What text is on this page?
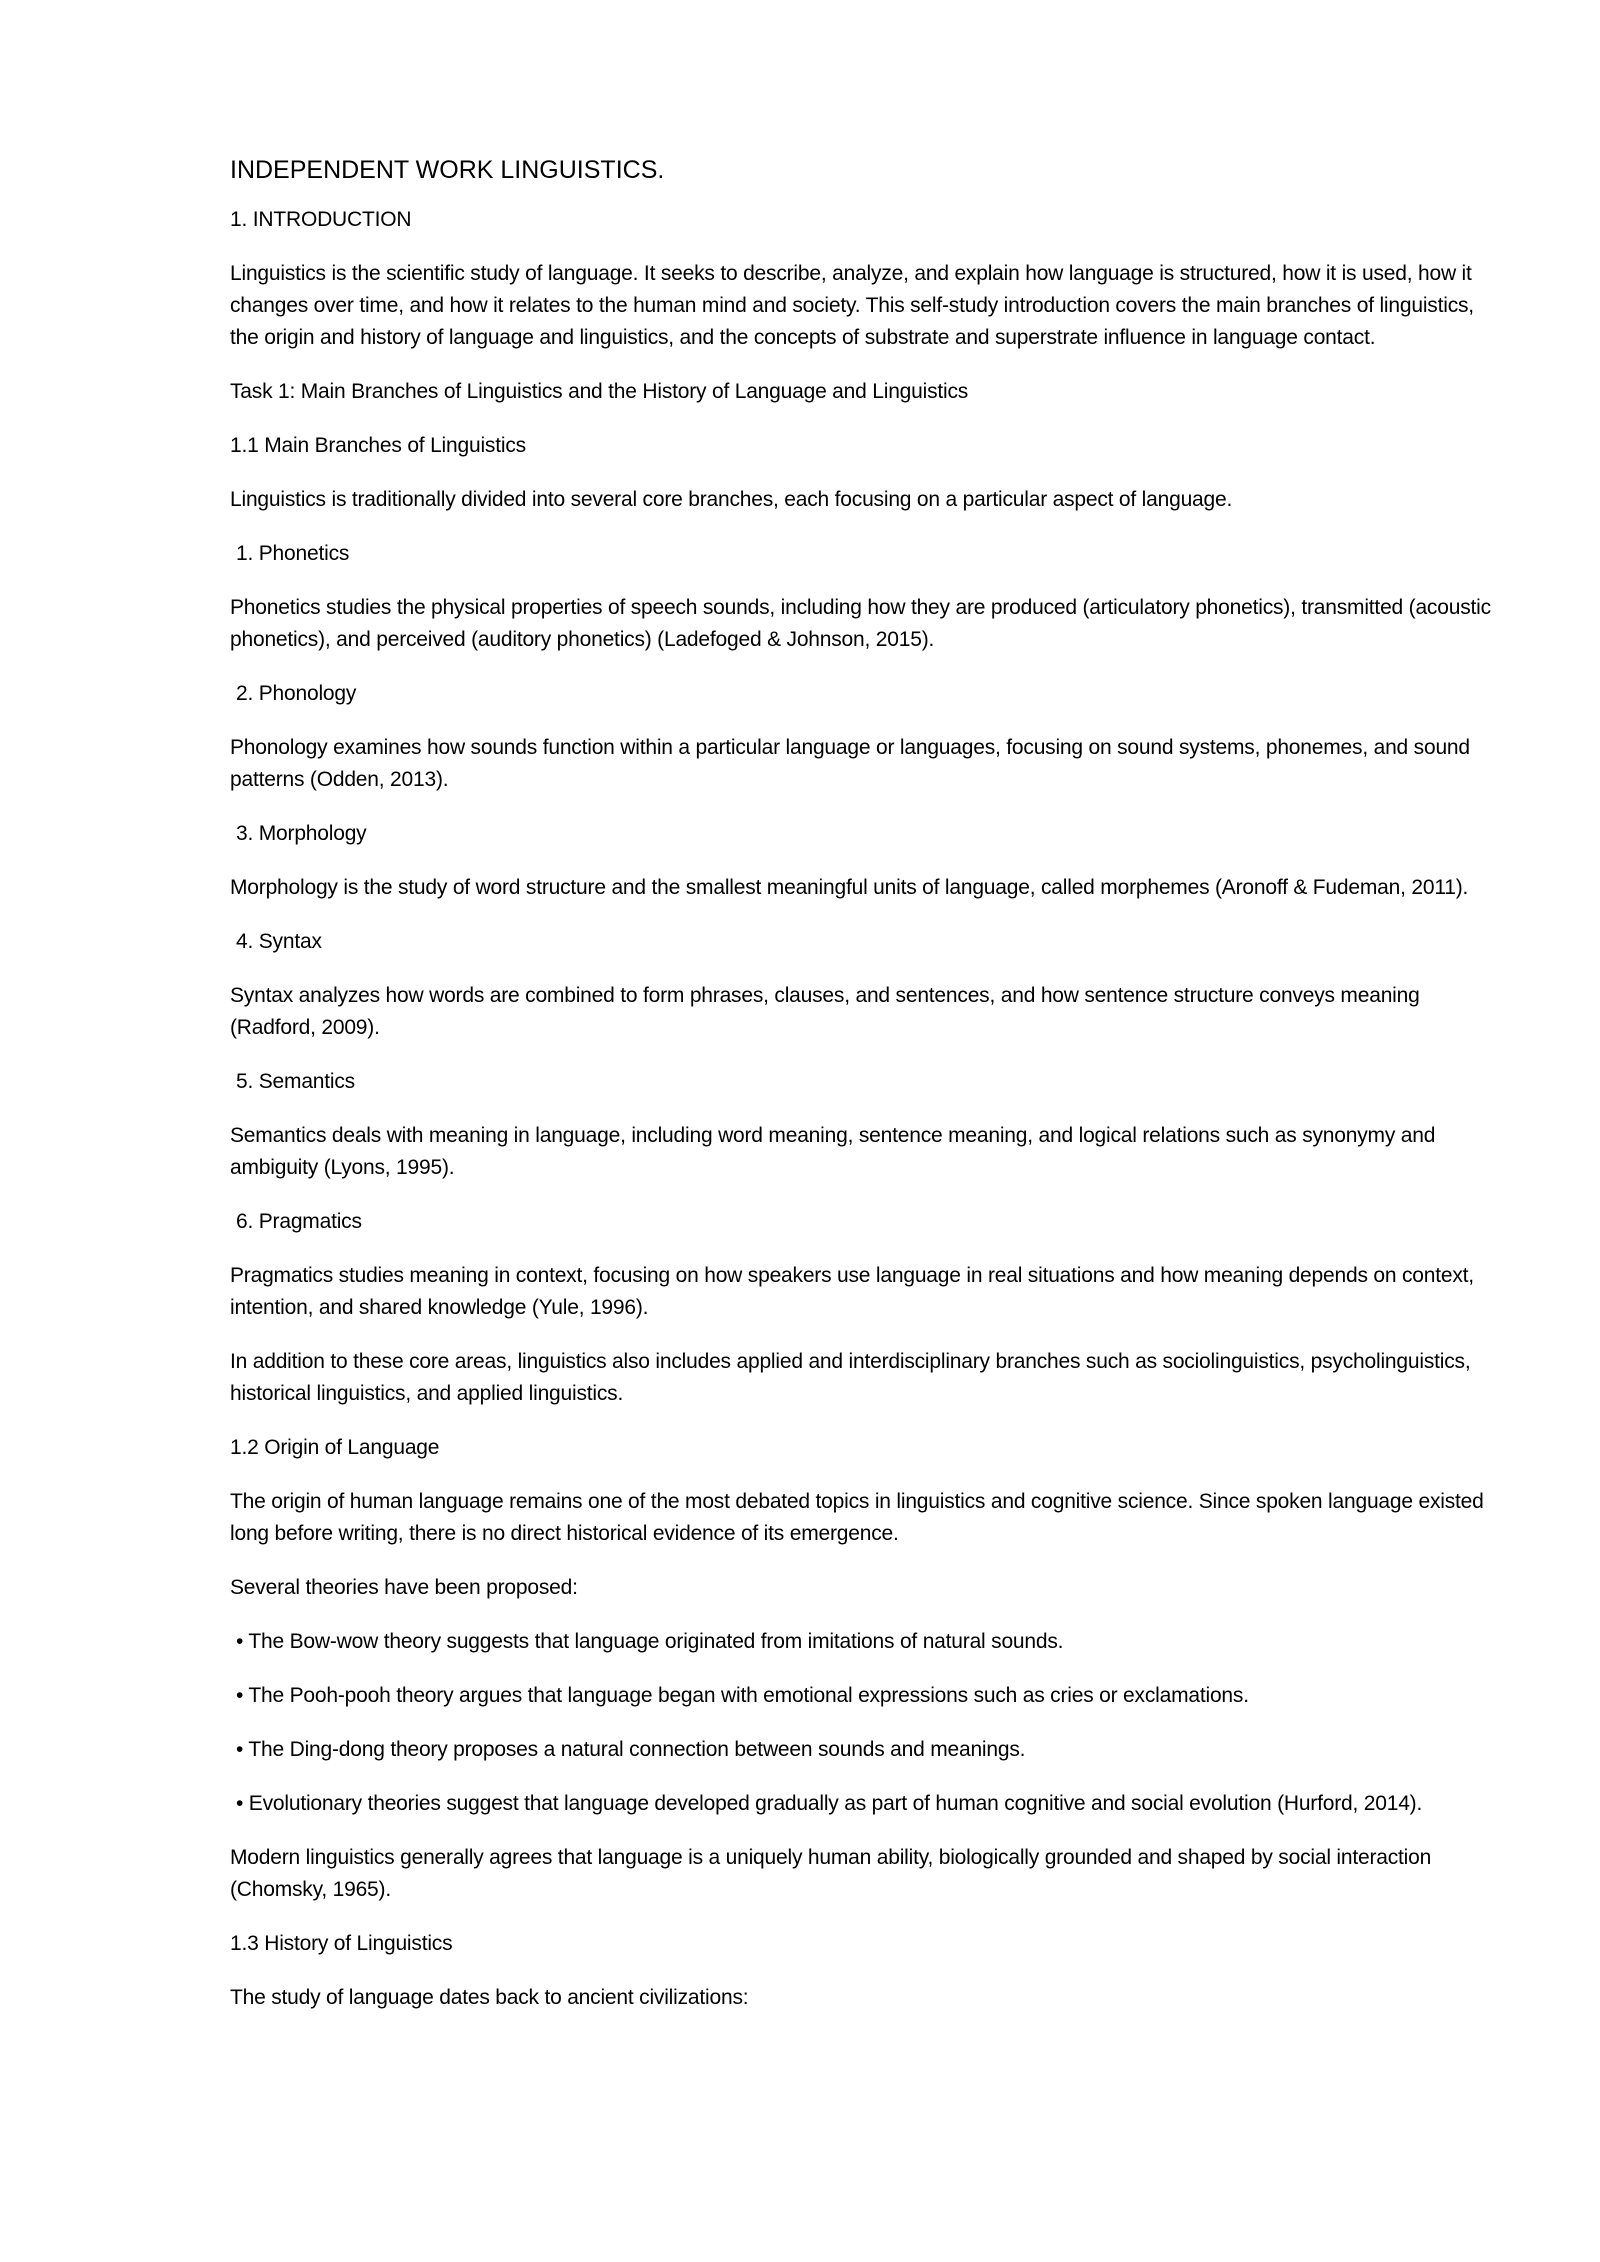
INDEPENDENT WORK LINGUISTICS.

1. INTRODUCTION

Linguistics is the scientific study of language. It seeks to describe, analyze, and explain how language is structured, how it is used, how it changes over time, and how it relates to the human mind and society. This self-study introduction covers the main branches of linguistics, the origin and history of language and linguistics, and the concepts of substrate and superstrate influence in language contact.

Task 1: Main Branches of Linguistics and the History of Language and Linguistics

1.1 Main Branches of Linguistics

Linguistics is traditionally divided into several core branches, each focusing on a particular aspect of language.

1. Phonetics

Phonetics studies the physical properties of speech sounds, including how they are produced (articulatory phonetics), transmitted (acoustic phonetics), and perceived (auditory phonetics) (Ladefoged & Johnson, 2015).

2. Phonology

Phonology examines how sounds function within a particular language or languages, focusing on sound systems, phonemes, and sound patterns (Odden, 2013).

3. Morphology

Morphology is the study of word structure and the smallest meaningful units of language, called morphemes (Aronoff & Fudeman, 2011).

4. Syntax

Syntax analyzes how words are combined to form phrases, clauses, and sentences, and how sentence structure conveys meaning (Radford, 2009).

5. Semantics

Semantics deals with meaning in language, including word meaning, sentence meaning, and logical relations such as synonymy and ambiguity (Lyons, 1995).

6. Pragmatics

Pragmatics studies meaning in context, focusing on how speakers use language in real situations and how meaning depends on context, intention, and shared knowledge (Yule, 1996).

In addition to these core areas, linguistics also includes applied and interdisciplinary branches such as sociolinguistics, psycholinguistics, historical linguistics, and applied linguistics.

1.2 Origin of Language

The origin of human language remains one of the most debated topics in linguistics and cognitive science. Since spoken language existed long before writing, there is no direct historical evidence of its emergence.

Several theories have been proposed:

• The Bow-wow theory suggests that language originated from imitations of natural sounds.

• The Pooh-pooh theory argues that language began with emotional expressions such as cries or exclamations.

• The Ding-dong theory proposes a natural connection between sounds and meanings.

• Evolutionary theories suggest that language developed gradually as part of human cognitive and social evolution (Hurford, 2014).

Modern linguistics generally agrees that language is a uniquely human ability, biologically grounded and shaped by social interaction (Chomsky, 1965).

1.3 History of Linguistics

The study of language dates back to ancient civilizations:
